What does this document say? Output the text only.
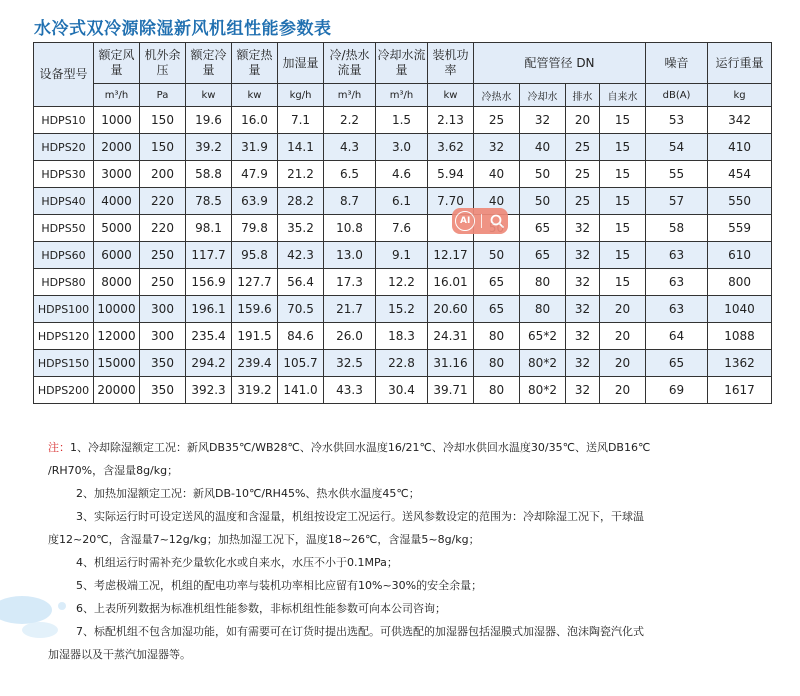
水冷式双冷源除湿新风机组性能参数表
设备型号	额定风量	机外余压	额定冷量	额定热量	加湿量	冷/热水流量	冷却水流量	装机功率	配管管径 DN				噪音	运行重量
	m³/h	Pa	kw	kw	kg/h	m³/h	m³/h	kw	冷热水	冷却水	排水	自来水	dB(A)	kg
HDPS10	1000	150	19.6	16.0	7.1	2.2	1.5	2.13	25	32	20	15	53	342
HDPS20	2000	150	39.2	31.9	14.1	4.3	3.0	3.62	32	40	25	15	54	410
HDPS30	3000	200	58.8	47.9	21.2	6.5	4.6	5.94	40	50	25	15	55	454
HDPS40	4000	220	78.5	63.9	28.2	8.7	6.1	7.70	40	50	25	15	57	550
HDPS50	5000	220	98.1	79.8	35.2	10.8	7.6			65	32	15	58	559
HDPS60	6000	250	117.7	95.8	42.3	13.0	9.1	12.17	50	65	32	15	63	610
HDPS80	8000	250	156.9	127.7	56.4	17.3	12.2	16.01	65	80	32	15	63	800
HDPS100	10000	300	196.1	159.6	70.5	21.7	15.2	20.60	65	80	32	20	63	1040
HDPS120	12000	300	235.4	191.5	84.6	26.0	18.3	24.31	80	65*2	32	20	64	1088
HDPS150	15000	350	294.2	239.4	105.7	32.5	22.8	31.16	80	80*2	32	20	65	1362
HDPS200	20000	350	392.3	319.2	141.0	43.3	30.4	39.71	80	80*2	32	20	69	1617
AI

注：1、冷却除湿额定工况：新风DB35℃/WB28℃、冷水供回水温度16/21℃、冷却水供回水温度30/35℃、送风DB16℃

/RH70%，含湿量8g/kg；

2、加热加湿额定工况：新风DB-10℃/RH45%、热水供水温度45℃；

3、实际运行时可设定送风的温度和含湿量，机组按设定工况运行。送风参数设定的范围为：冷却除湿工况下，干球温

度12~20℃，含湿量7~12g/kg；加热加湿工况下，温度18~26℃，含湿量5~8g/kg；

4、机组运行时需补充少量软化水或自来水，水压不小于0.1MPa；

5、考虑极端工况，机组的配电功率与装机功率相比应留有10%~30%的安全余量；

6、上表所列数据为标准机组性能参数，非标机组性能参数可向本公司咨询；

7、标配机组不包含加湿功能，如有需要可在订货时提出选配。可供选配的加湿器包括湿膜式加湿器、泡沫陶瓷汽化式

加湿器以及干蒸汽加湿器等。
